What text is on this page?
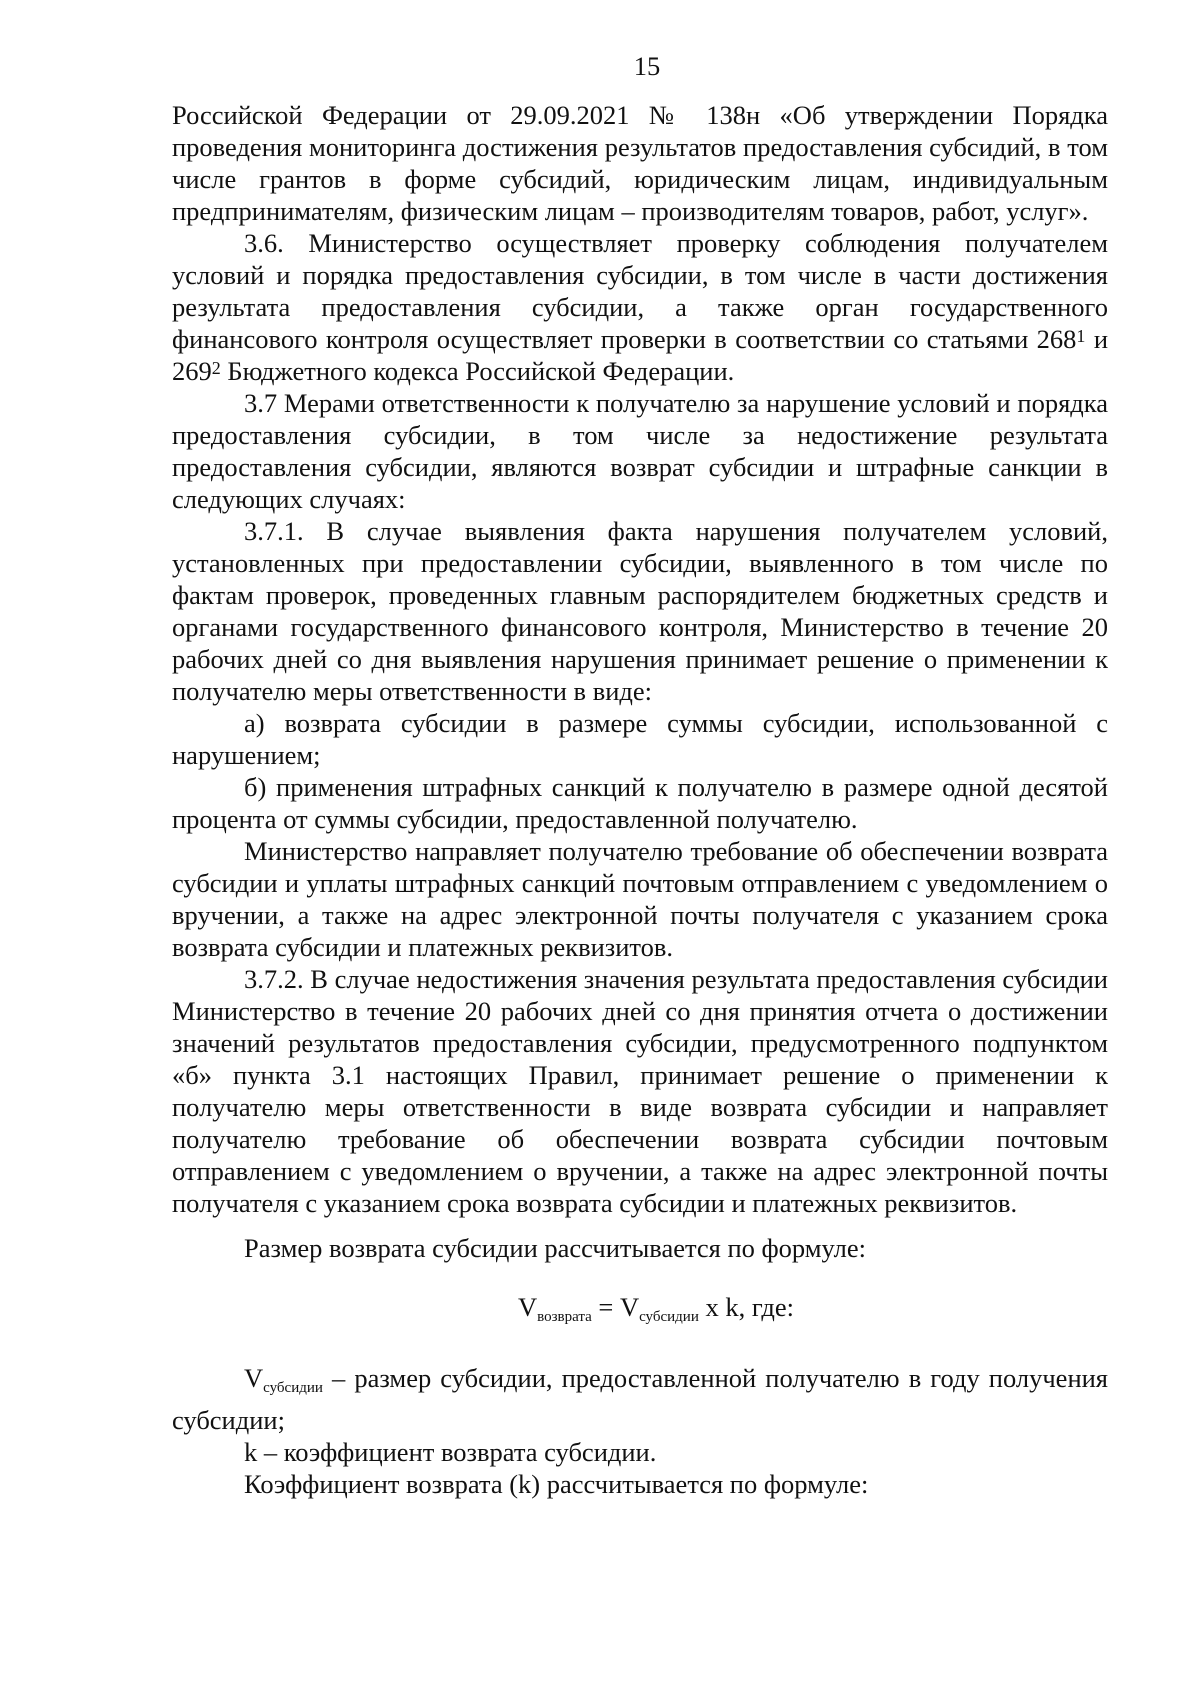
15

Российской Федерации от 29.09.2021 № 138н «Об утверждении Порядка проведения мониторинга достижения результатов предоставления субсидий, в том числе грантов в форме субсидий, юридическим лицам, индивидуальным предпринимателям, физическим лицам – производителям товаров, работ, услуг».

3.6. Министерство осуществляет проверку соблюдения получателем условий и порядка предоставления субсидии, в том числе в части достижения результата предоставления субсидии, а также орган государственного финансового контроля осуществляет проверки в соответствии со статьями $268^1$ и $269^2$ Бюджетного кодекса Российской Федерации.

3.7 Мерами ответственности к получателю за нарушение условий и порядка предоставления субсидии, в том числе за недостижение результата предоставления субсидии, являются возврат субсидии и штрафные санкции в следующих случаях:

3.7.1. В случае выявления факта нарушения получателем условий, установленных при предоставлении субсидии, выявленного в том числе по фактам проверок, проведенных главным распорядителем бюджетных средств и органами государственного финансового контроля, Министерство в течение 20 рабочих дней со дня выявления нарушения принимает решение о применении к получателю меры ответственности в виде:

а) возврата субсидии в размере суммы субсидии, использованной с нарушением;

б) применения штрафных санкций к получателю в размере одной десятой процента от суммы субсидии, предоставленной получателю.

Министерство направляет получателю требование об обеспечении возврата субсидии и уплаты штрафных санкций почтовым отправлением с уведомлением о вручении, а также на адрес электронной почты получателя с указанием срока возврата субсидии и платежных реквизитов.

3.7.2. В случае недостижения значения результата предоставления субсидии Министерство в течение 20 рабочих дней со дня принятия отчета о достижении значений результатов предоставления субсидии, предусмотренного подпунктом «б» пункта 3.1 настоящих Правил, принимает решение о применении к получателю меры ответственности в виде возврата субсидии и направляет получателю требование об обеспечении возврата субсидии почтовым отправлением с уведомлением о вручении, а также на адрес электронной почты получателя с указанием срока возврата субсидии и платежных реквизитов.

Размер возврата субсидии рассчитывается по формуле:

$V_{возврата} = V_{субсидии}$ x k, где:

$V_{субсидии}$ – размер субсидии, предоставленной получателю в году получения субсидии;

k – коэффициент возврата субсидии.

Коэффициент возврата (k) рассчитывается по формуле:
